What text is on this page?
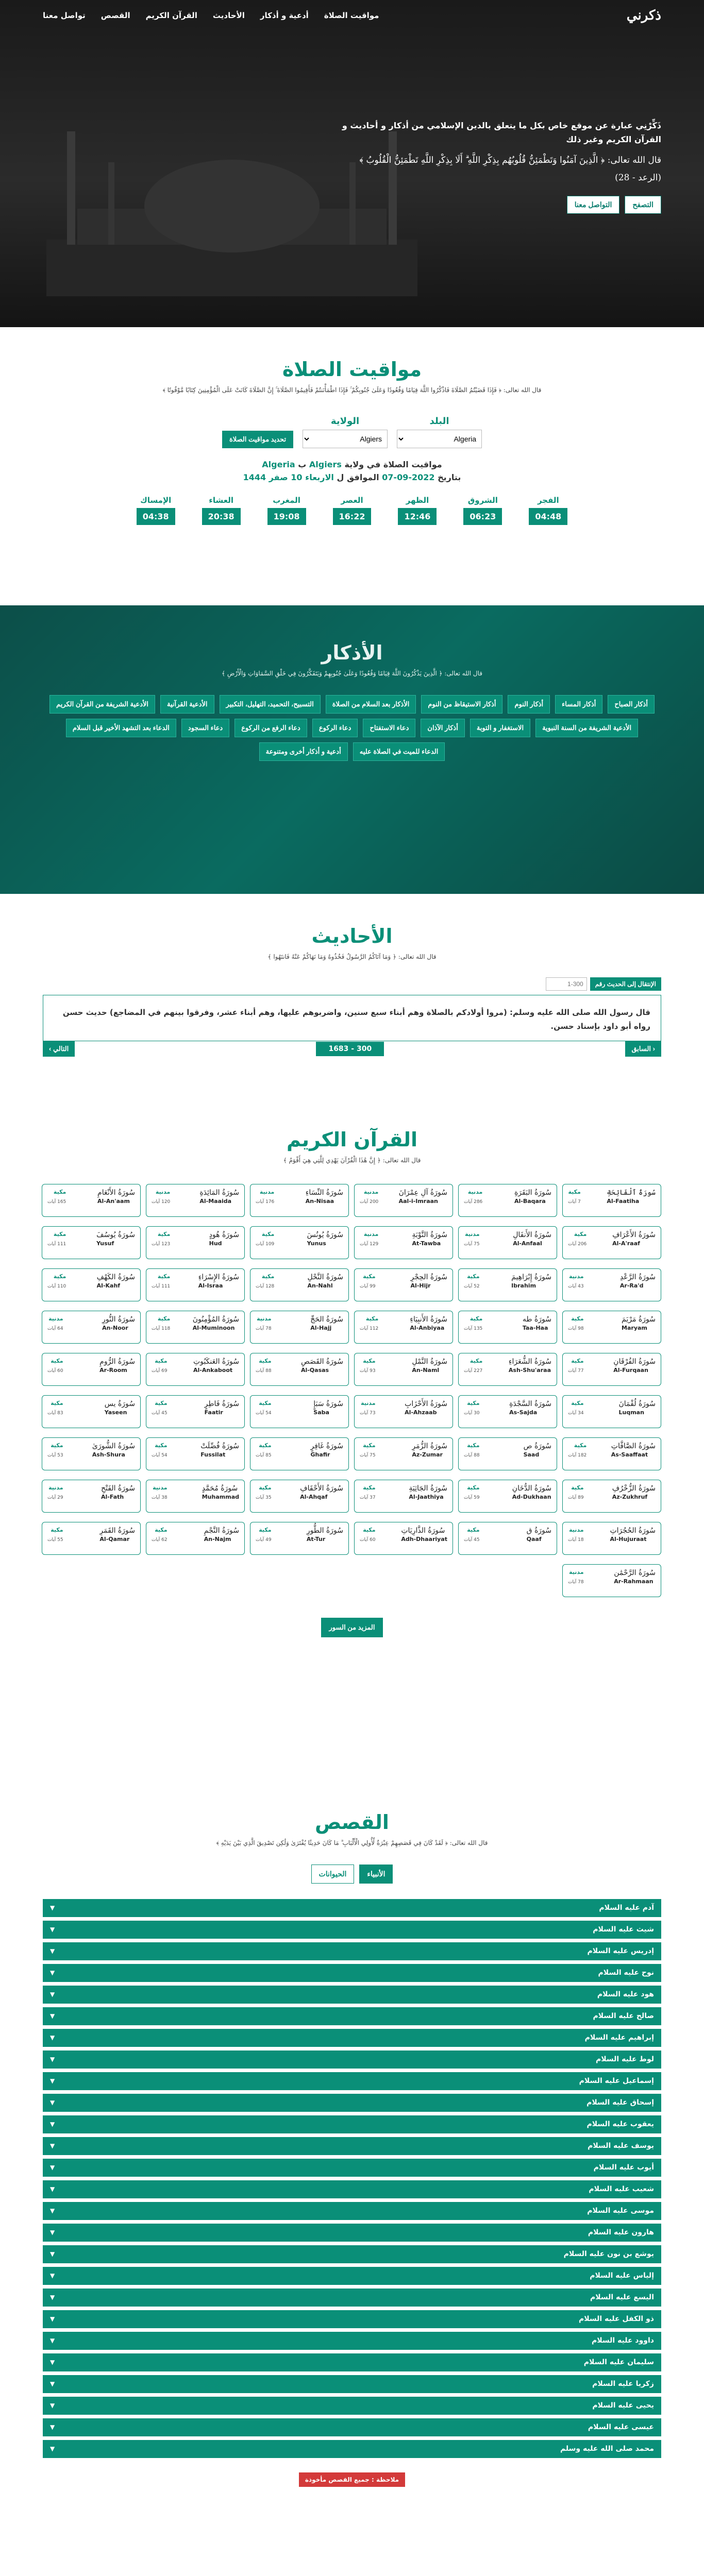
ذكرني
مواقيت الصلاة
أدعية و أذكار
الأحاديث
القرآن الكريم
القصص
تواصل معنا

ذَكِّرْنِي عبارة عن موقع خاص بكل ما يتعلق بالدين الإسلامي من أذكار و أحاديث و القرآن الكريم وغير ذلك

قال الله تعالى: ﴿ الَّذِينَ آمَنُوا وَتَطْمَئِنُّ قُلُوبُهُم بِذِكْرِ اللَّهِ ۗ أَلَا بِذِكْرِ اللَّهِ تَطْمَئِنُّ الْقُلُوبُ ﴾ (الرعد - 28)

التصفح
التواصل معنا
مواقيت الصلاة

قال الله تعالى: ﴿ فَإِذَا قَضَيْتُمُ الصَّلَاةَ فَاذْكُرُوا اللَّهَ قِيَامًا وَقُعُودًا وَعَلَىٰ جُنُوبِكُمْ ۚ فَإِذَا اطْمَأْنَنتُمْ فَأَقِيمُوا الصَّلَاةَ ۚ إِنَّ الصَّلَاةَ كَانَتْ عَلَى الْمُؤْمِنِينَ كِتَابًا مَّوْقُوتًا ﴾

البلد
Algeria
الولاية
Algiers
تحديد مواقيت الصلاة

مواقيت الصلاة في ولاية Algiers ب Algeria

بتاريخ 2022-09-07 الموافق ل الاربعاء 10 صفر 1444

الفجر
04:48
الشروق
06:23
الظهر
12:46
العصر
16:22
المغرب
19:08
العشاء
20:38
الإمساك
04:38
الأذكار

قال الله تعالى: ﴿ الَّذِينَ يَذْكُرُونَ اللَّهَ قِيَامًا وَقُعُودًا وَعَلَىٰ جُنُوبِهِمْ وَيَتَفَكَّرُونَ فِي خَلْقِ السَّمَاوَاتِ وَالْأَرْضِ ﴾

أذكار الصباح
أذكار المساء
أذكار النوم
أذكار الاستيقاظ من النوم
الأذكار بعد السلام من الصلاة
التسبيح، التحميد، التهليل، التكبير
الأدعية القرآنية
الأدعية الشريفة من القرآن الكريم
الأدعية الشريفة من السنة النبوية
الاستغفار و التوبة
أذكار الآذان
دعاء الاستفتاح
دعاء الركوع
دعاء الرفع من الركوع
دعاء السجود
الدعاء بعد التشهد الأخير قبل السلام
الدعاء للميت في الصلاة عليه
أدعية و أذكار أخرى ومتنوعة
الأحاديث

قال الله تعالى: ﴿ وَمَا آتَاكُمُ الرَّسُولُ فَخُذُوهُ وَمَا نَهَاكُمْ عَنْهُ فَانتَهُوا ﴾

الإنتقال إلى الحديث رقم
1-300
قال رسول الله صلى الله عليه وسلم: (مروا أولادكم بالصلاة وهم أبناء سبع سنين، واضربوهم عليها، وهم أبناء عشر، وفرقوا بينهم في المضاجع) حديث حسن رواه أبو داود بإسناد حسن.
‹ السابق
300 - 1683
التالي ›
القرآن الكريم

قال الله تعالى: ﴿ إِنَّ هَٰذَا الْقُرْآنَ يَهْدِي لِلَّتِي هِيَ أَقْوَمُ ﴾

سُورَةُ ٱلْفَاتِحَةِ
Al-Faatiha
مكية
7 آيات
سُورَةُ البَقَرَةِ
Al-Baqara
مدنية
286 آيات
سُورَةُ آلِ عِمْرَانَ
Aal-i-Imraan
مدنية
200 آيات
سُورَةُ النِّسَاءِ
An-Nisaa
مدنية
176 آيات
سُورَةُ المَائِدَةِ
Al-Maaida
مدنية
120 آيات
سُورَةُ الأَنْعَامِ
Al-An'aam
مكية
165 آيات
سُورَةُ الأَعْرَافِ
Al-A'raaf
مكية
206 آيات
سُورَةُ الأَنفَالِ
Al-Anfaal
مدنية
75 آيات
سُورَةُ التَّوْبَةِ
At-Tawba
مدنية
129 آيات
سُورَةُ يُونُسَ
Yunus
مكية
109 آيات
سُورَةُ هُودٍ
Hud
مكية
123 آيات
سُورَةُ يُوسُفَ
Yusuf
مكية
111 آيات
سُورَةُ الرَّعْدِ
Ar-Ra'd
مدنية
43 آيات
سُورَةُ إِبْرَاهِيمَ
Ibrahim
مكية
52 آيات
سُورَةُ الحِجْرِ
Al-Hijr
مكية
99 آيات
سُورَةُ النَّحْلِ
An-Nahl
مكية
128 آيات
سُورَةُ الإِسْرَاءِ
Al-Israa
مكية
111 آيات
سُورَةُ الكَهْفِ
Al-Kahf
مكية
110 آيات
سُورَةُ مَرْيَمَ
Maryam
مكية
98 آيات
سُورَةُ طه
Taa-Haa
مكية
135 آيات
سُورَةُ الأَنبِيَاءِ
Al-Anbiyaa
مكية
112 آيات
سُورَةُ الحَجِّ
Al-Hajj
مدنية
78 آيات
سُورَةُ المُؤْمِنُونَ
Al-Muminoon
مكية
118 آيات
سُورَةُ النُّورِ
An-Noor
مدنية
64 آيات
سُورَةُ الفُرْقَانِ
Al-Furqaan
مكية
77 آيات
سُورَةُ الشُّعَرَاءِ
Ash-Shu'araa
مكية
227 آيات
سُورَةُ النَّمْلِ
An-Naml
مكية
93 آيات
سُورَةُ القَصَصِ
Al-Qasas
مكية
88 آيات
سُورَةُ العَنكَبُوتِ
Al-Ankaboot
مكية
69 آيات
سُورَةُ الرُّومِ
Ar-Room
مكية
60 آيات
سُورَةُ لُقْمَانَ
Luqman
مكية
34 آيات
سُورَةُ السَّجْدَةِ
As-Sajda
مكية
30 آيات
سُورَةُ الأَحْزَابِ
Al-Ahzaab
مدنية
73 آيات
سُورَةُ سَبَإٍ
Saba
مكية
54 آيات
سُورَةُ فَاطِرٍ
Faatir
مكية
45 آيات
سُورَةُ يس
Yaseen
مكية
83 آيات
سُورَةُ الصَّافَّاتِ
As-Saaffaat
مكية
182 آيات
سُورَةُ ص
Saad
مكية
88 آيات
سُورَةُ الزُّمَرِ
Az-Zumar
مكية
75 آيات
سُورَةُ غَافِرٍ
Ghafir
مكية
85 آيات
سُورَةُ فُصِّلَتْ
Fussilat
مكية
54 آيات
سُورَةُ الشُّورَىٰ
Ash-Shura
مكية
53 آيات
سُورَةُ الزُّخْرُفِ
Az-Zukhruf
مكية
89 آيات
سُورَةُ الدُّخَانِ
Ad-Dukhaan
مكية
59 آيات
سُورَةُ الجَاثِيَةِ
Al-Jaathiya
مكية
37 آيات
سُورَةُ الأَحْقَافِ
Al-Ahqaf
مكية
35 آيات
سُورَةُ مُحَمَّدٍ
Muhammad
مدنية
38 آيات
سُورَةُ الفَتْحِ
Al-Fath
مدنية
29 آيات
سُورَةُ الحُجُرَاتِ
Al-Hujuraat
مدنية
18 آيات
سُورَةُ ق
Qaaf
مكية
45 آيات
سُورَةُ الذَّارِيَاتِ
Adh-Dhaariyat
مكية
60 آيات
سُورَةُ الطُّورِ
At-Tur
مكية
49 آيات
سُورَةُ النَّجْمِ
An-Najm
مكية
62 آيات
سُورَةُ القَمَرِ
Al-Qamar
مكية
55 آيات
سُورَةُ الرَّحْمَٰن
Ar-Rahmaan
مدنية
78 آيات
المزيد من السور
القصص

قال الله تعالى: ﴿ لَقَدْ كَانَ فِي قَصَصِهِمْ عِبْرَةٌ لِّأُولِي الْأَلْبَابِ ۗ مَا كَانَ حَدِيثًا يُفْتَرَىٰ وَلَٰكِن تَصْدِيقَ الَّذِي بَيْنَ يَدَيْهِ ﴾

الأنبياء
الحيوانات
آدم عليه السلام
▼
شيث عليه السلام
▼
إدريس عليه السلام
▼
نوح عليه السلام
▼
هود عليه السلام
▼
صالح عليه السلام
▼
إبراهيم عليه السلام
▼
لوط عليه السلام
▼
إسماعيل عليه السلام
▼
إسحاق عليه السلام
▼
يعقوب عليه السلام
▼
يوسف عليه السلام
▼
أيوب عليه السلام
▼
شعيب عليه السلام
▼
موسى عليه السلام
▼
هارون عليه السلام
▼
يوشع بن نون عليه السلام
▼
إلياس عليه السلام
▼
اليسع عليه السلام
▼
ذو الكفل عليه السلام
▼
داوود عليه السلام
▼
سليمان عليه السلام
▼
زكريا عليه السلام
▼
يحيى عليه السلام
▼
عيسى عليه السلام
▼
محمد صلى الله عليه وسلم
▼
ملاحظة : جميع القصص مأخوذة
